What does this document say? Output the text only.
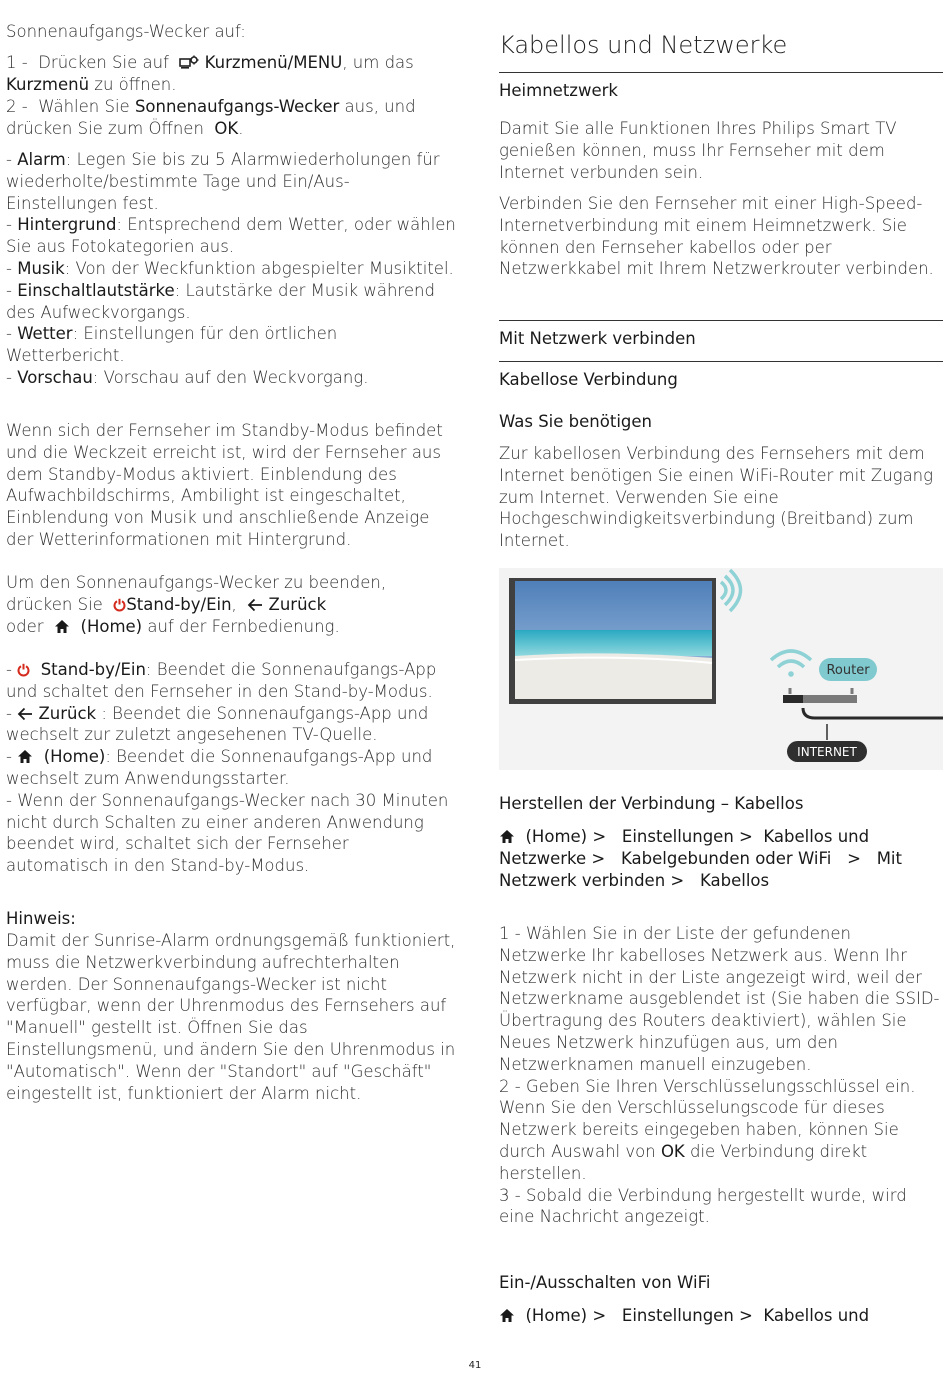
Sonnenaufgangs-Wecker auf:

1 - Drücken Sie auf Kurzmenü/MENU, um das Kurzmenü zu öffnen.

2 - Wählen Sie Sonnenaufgangs-Wecker aus, und drücken Sie zum Öffnen OK.

- Alarm: Legen Sie bis zu 5 Alarmwiederholungen für wiederholte/bestimmte Tage und Ein/Aus-Einstellungen fest.

- Hintergrund: Entsprechend dem Wetter, oder wählen Sie aus Fotokategorien aus.

- Musik: Von der Weckfunktion abgespielter Musiktitel.

- Einschaltlautstärke: Lautstärke der Musik während des Aufweckvorgangs.

- Wetter: Einstellungen für den örtlichen Wetterbericht.

- Vorschau: Vorschau auf den Weckvorgang.

Wenn sich der Fernseher im Standby-Modus befindet und die Weckzeit erreicht ist, wird der Fernseher aus dem Standby-Modus aktiviert. Einblendung des Aufwachbildschirms, Ambilight ist eingeschaltet, Einblendung von Musik und anschließende Anzeige der Wetterinformationen mit Hintergrund.

Um den Sonnenaufgangs-Wecker zu beenden, drücken Sie Stand-by/Ein, Zurück
oder (Home) auf der Fernbedienung.

-   Stand-by/Ein: Beendet die Sonnenaufgangs-App und schaltet den Fernseher in den Stand-by-Modus.

-  Zurück : Beendet die Sonnenaufgangs-App und wechselt zur zuletzt angesehenen TV-Quelle.

-   (Home): Beendet die Sonnenaufgangs-App und wechselt zum Anwendungsstarter.

- Wenn der Sonnenaufgangs-Wecker nach 30 Minuten nicht durch Schalten zu einer anderen Anwendung beendet wird, schaltet sich der Fernseher automatisch in den Stand-by-Modus.

Hinweis:

Damit der Sunrise-Alarm ordnungsgemäß funktioniert, muss die Netzwerkverbindung aufrechterhalten werden. Der Sonnenaufgangs-Wecker ist nicht verfügbar, wenn der Uhrenmodus des Fernsehers auf "Manuell" gestellt ist. Öffnen Sie das Einstellungsmenü, und ändern Sie den Uhrenmodus in "Automatisch". Wenn der "Standort" auf "Geschäft" eingestellt ist, funktioniert der Alarm nicht.

Kabellos und Netzwerke
Heimnetzwerk

Damit Sie alle Funktionen Ihres Philips Smart TV genießen können, muss Ihr Fernseher mit dem Internet verbunden sein.

Verbinden Sie den Fernseher mit einer High-Speed-Internetverbindung mit einem Heimnetzwerk. Sie können den Fernseher kabellos oder per Netzwerkkabel mit Ihrem Netzwerkrouter verbinden.

Mit Netzwerk verbinden
Kabellose Verbindung
Was Sie benötigen

Zur kabellosen Verbindung des Fernsehers mit dem Internet benötigen Sie einen WiFi-Router mit Zugang zum Internet. Verwenden Sie eine Hochgeschwindigkeitsverbindung (Breitband) zum Internet.

Router
INTERNET
Herstellen der Verbindung – Kabellos

(Home) > Einstellungen > Kabellos und Netzwerke > Kabelgebunden oder WiFi > Mit Netzwerk verbinden > Kabellos

1 - Wählen Sie in der Liste der gefundenen Netzwerke Ihr kabelloses Netzwerk aus. Wenn Ihr Netzwerk nicht in der Liste angezeigt wird, weil der Netzwerkname ausgeblendet ist (Sie haben die SSID-Übertragung des Routers deaktiviert), wählen Sie Neues Netzwerk hinzufügen aus, um den Netzwerknamen manuell einzugeben.

2 - Geben Sie Ihren Verschlüsselungsschlüssel ein. Wenn Sie den Verschlüsselungscode für dieses Netzwerk bereits eingegeben haben, können Sie durch Auswahl von OK die Verbindung direkt herstellen.

3 - Sobald die Verbindung hergestellt wurde, wird eine Nachricht angezeigt.

Ein-/Ausschalten von WiFi

(Home) > Einstellungen > Kabellos und

41
